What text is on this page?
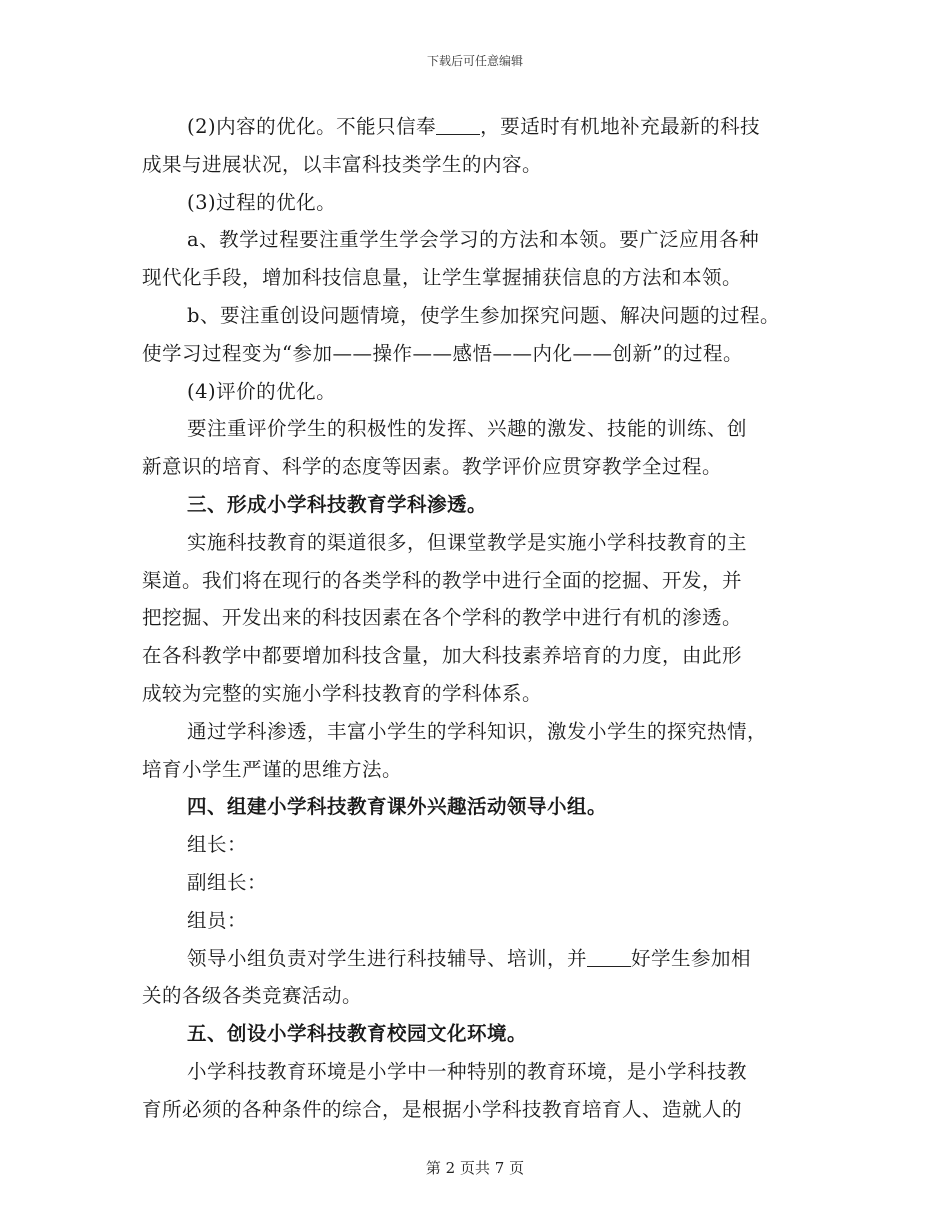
下载后可任意编辑
(2)内容的优化。不能只信奉 ，要适时有机地补充最新的科技
成果与进展状况，以丰富科技类学生的内容。
(3)过程的优化。
a、教学过程要注重学生学会学习的方法和本领。要广泛应用各种
现代化手段，增加科技信息量，让学生掌握捕获信息的方法和本领。
b、要注重创设问题情境，使学生参加探究问题、解决问题的过程。
使学习过程变为“参加——操作——感悟——内化——创新”的过程。
(4)评价的优化。
要注重评价学生的积极性的发挥、兴趣的激发、技能的训练、创
新意识的培育、科学的态度等因素。教学评价应贯穿教学全过程。
三、形成小学科技教育学科渗透。
实施科技教育的渠道很多，但课堂教学是实施小学科技教育的主
渠道。我们将在现行的各类学科的教学中进行全面的挖掘、开发，并
把挖掘、开发出来的科技因素在各个学科的教学中进行有机的渗透。
在各科教学中都要增加科技含量，加大科技素养培育的力度，由此形
成较为完整的实施小学科技教育的学科体系。
通过学科渗透，丰富小学生的学科知识，激发小学生的探究热情，
培育小学生严谨的思维方法。
四、组建小学科技教育课外兴趣活动领导小组。
组长：
副组长：
组员：
领导小组负责对学生进行科技辅导、培训，并 好学生参加相
关的各级各类竞赛活动。
五、创设小学科技教育校园文化环境。
小学科技教育环境是小学中一种特别的教育环境，是小学科技教
育所必须的各种条件的综合，是根据小学科技教育培育人、造就人的
第 2 页共 7 页
